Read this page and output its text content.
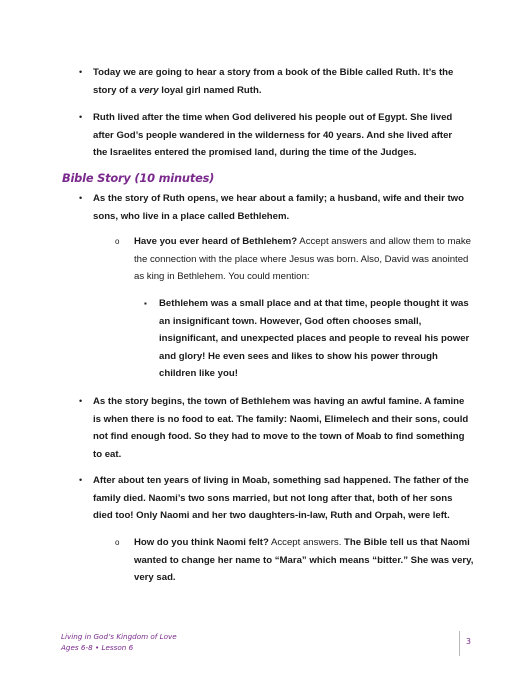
• Today we are going to hear a story from a book of the Bible called Ruth. It’s the
story of a very loyal girl named Ruth.
• Ruth lived after the time when God delivered his people out of Egypt. She lived
after God’s people wandered in the wilderness for 40 years. And she lived after
the Israelites entered the promised land, during the time of the Judges.
Bible Story (10 minutes)
• As the story of Ruth opens, we hear about a family; a husband, wife and their two
sons, who live in a place called Bethlehem.
o Have you ever heard of Bethlehem? Accept answers and allow them to make
the connection with the place where Jesus was born. Also, David was anointed
as king in Bethlehem. You could mention:
▪ Bethlehem was a small place and at that time, people thought it was
an insignificant town. However, God often chooses small,
insignificant, and unexpected places and people to reveal his power
and glory! He even sees and likes to show his power through
children like you!
• As the story begins, the town of Bethlehem was having an awful famine. A famine
is when there is no food to eat. The family: Naomi, Elimelech and their sons, could
not find enough food. So they had to move to the town of Moab to find something
to eat.
• After about ten years of living in Moab, something sad happened. The father of the
family died. Naomi’s two sons married, but not long after that, both of her sons
died too! Only Naomi and her two daughters-in-law, Ruth and Orpah, were left.
o How do you think Naomi felt? Accept answers. The Bible tell us that Naomi
wanted to change her name to “Mara” which means “bitter.” She was very,
very sad.
Living in God’s Kingdom of Love
Ages 6-8 • Lesson 6
3
